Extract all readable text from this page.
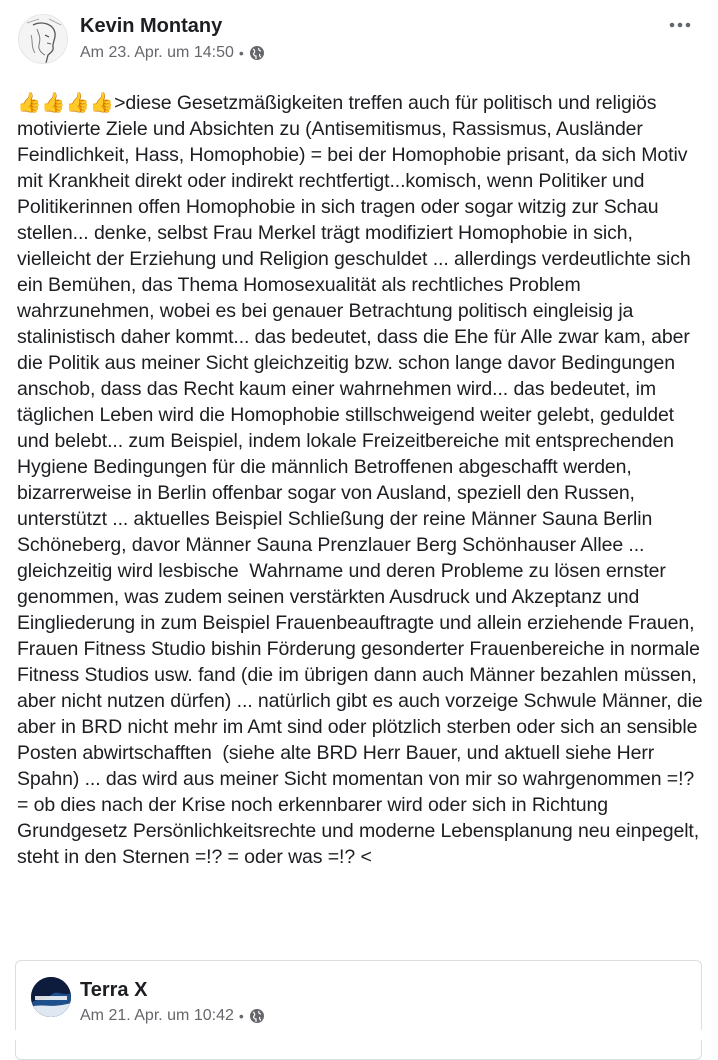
Kevin Montany
Am 23. Apr. um 14:50 •
👍👍👍👍>diese Gesetzmäßigkeiten treffen auch für politisch und religiös motivierte Ziele und Absichten zu (Antisemitismus, Rassismus, Ausländer Feindlichkeit, Hass, Homophobie) = bei der Homophobie prisant, da sich Motiv mit Krankheit direkt oder indirekt rechtfertigt...komisch, wenn Politiker und Politikerinnen offen Homophobie in sich tragen oder sogar witzig zur Schau stellen... denke, selbst Frau Merkel trägt modifiziert Homophobie in sich, vielleicht der Erziehung und Religion geschuldet ... allerdings verdeutlichte sich ein Bemühen, das Thema Homosexualität als rechtliches Problem wahrzunehmen, wobei es bei genauer Betrachtung politisch eingleisig ja stalinistisch daher kommt... das bedeutet, dass die Ehe für Alle zwar kam, aber die Politik aus meiner Sicht gleichzeitig bzw. schon lange davor Bedingungen anschob, dass das Recht kaum einer wahrnehmen wird... das bedeutet, im täglichen Leben wird die Homophobie stillschweigend weiter gelebt, geduldet und belebt... zum Beispiel, indem lokale Freizeitbereiche mit entsprechenden Hygiene Bedingungen für die männlich Betroffenen abgeschafft werden, bizarrerweise in Berlin offenbar sogar von Ausland, speziell den Russen, unterstützt ... aktuelles Beispiel Schließung der reine Männer Sauna Berlin Schöneberg, davor Männer Sauna Prenzlauer Berg Schönhauser Allee ... gleichzeitig wird lesbische  Wahrname und deren Probleme zu lösen ernster genommen, was zudem seinen verstärkten Ausdruck und Akzeptanz und Eingliederung in zum Beispiel Frauenbeauftragte und allein erziehende Frauen, Frauen Fitness Studio bishin Förderung gesonderter Frauenbereiche in normale Fitness Studios usw. fand (die im übrigen dann auch Männer bezahlen müssen, aber nicht nutzen dürfen) ... natürlich gibt es auch vorzeige Schwule Männer, die aber in BRD nicht mehr im Amt sind oder plötzlich sterben oder sich an sensible Posten abwirtschafften  (siehe alte BRD Herr Bauer, und aktuell siehe Herr Spahn) ... das wird aus meiner Sicht momentan von mir so wahrgenommen =!? = ob dies nach der Krise noch erkennbarer wird oder sich in Richtung Grundgesetz Persönlichkeitsrechte und moderne Lebensplanung neu einpegelt, steht in den Sternen =!? = oder was =!? <
Terra X
Am 21. Apr. um 10:42 •
